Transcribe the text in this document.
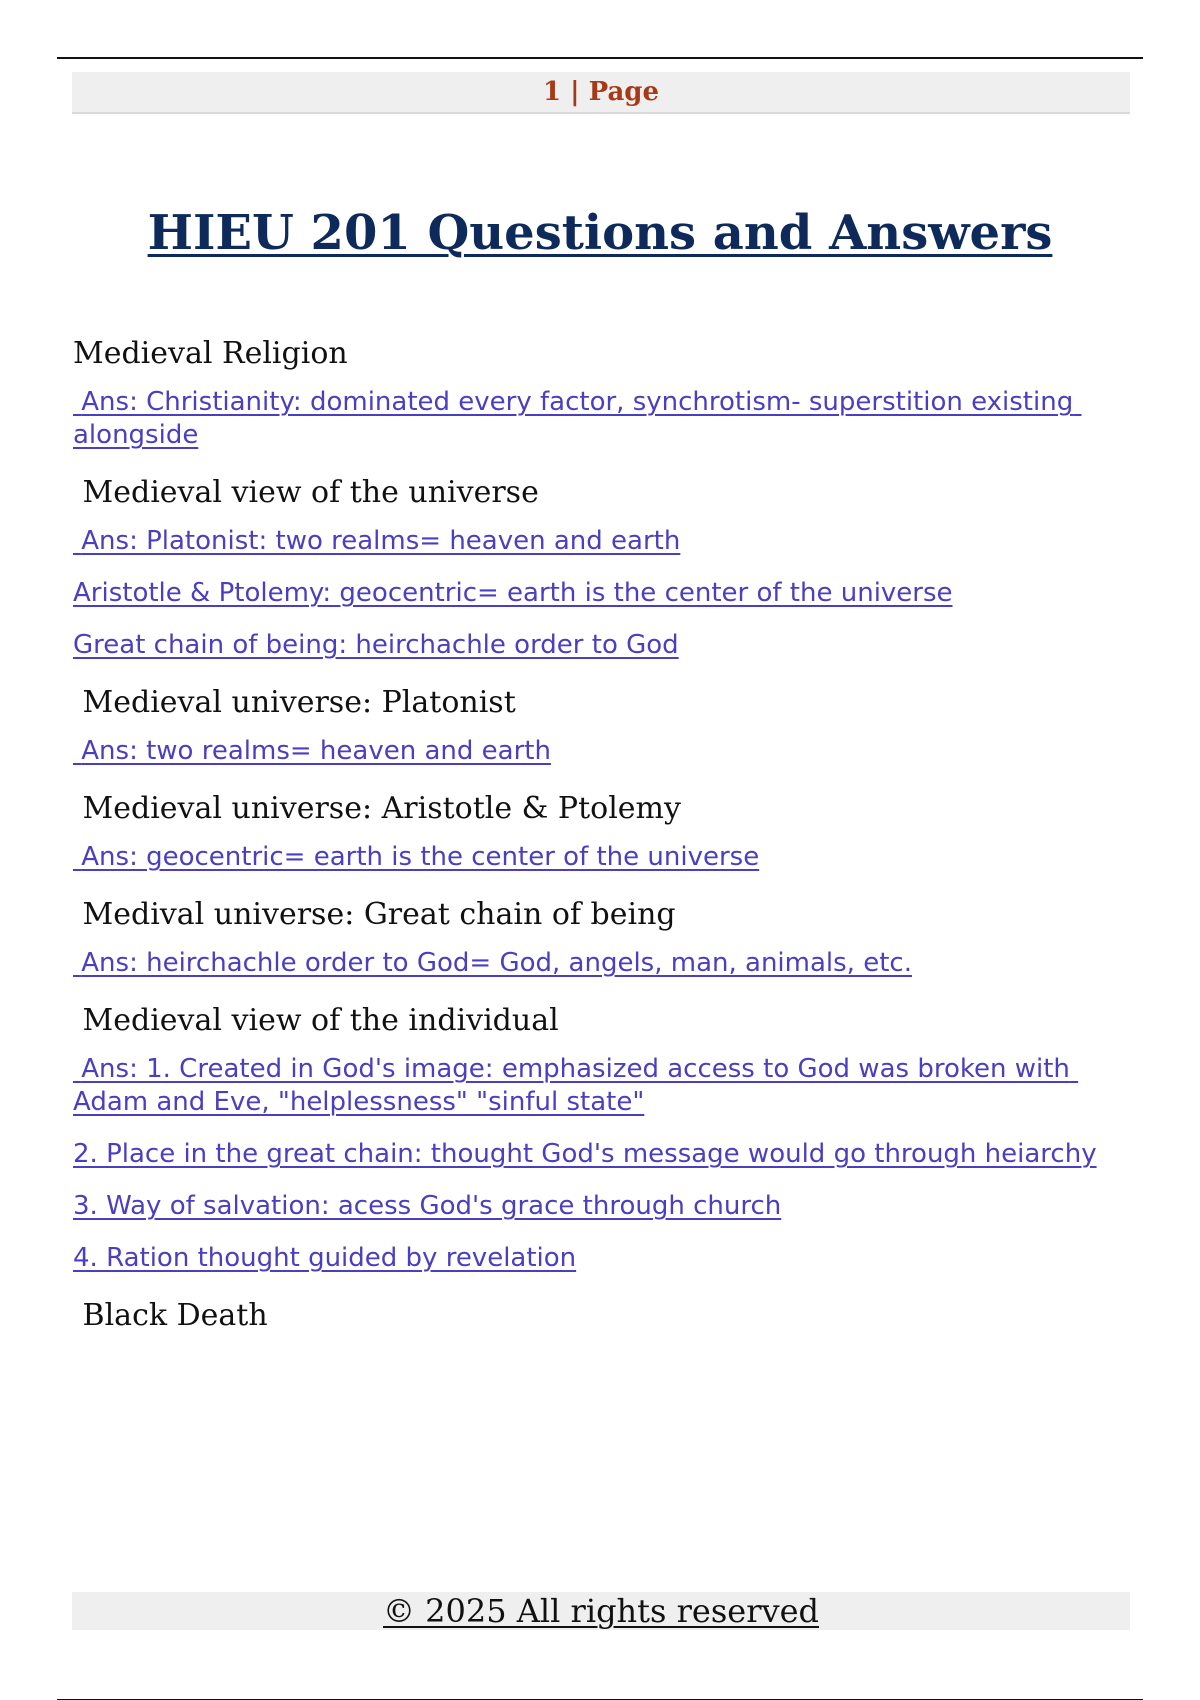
1 | Page
HIEU 201 Questions and Answers

Medieval Religion

Ans: Christianity: dominated every factor, synchrotism- superstition existing alongside

Medieval view of the universe

Ans: Platonist: two realms= heaven and earth
Aristotle & Ptolemy: geocentric= earth is the center of the universe
Great chain of being: heirchachle order to God

Medieval universe: Platonist

Ans: two realms= heaven and earth

Medieval universe: Aristotle & Ptolemy

Ans: geocentric= earth is the center of the universe

Medival universe: Great chain of being

Ans: heirchachle order to God= God, angels, man, animals, etc.

Medieval view of the individual

Ans: 1. Created in God's image: emphasized access to God was broken with Adam and Eve, "helplessness" "sinful state"
2. Place in the great chain: thought God's message would go through heiarchy
3. Way of salvation: acess God's grace through church
4. Ration thought guided by revelation

Black Death

© 2025 All rights reserved
